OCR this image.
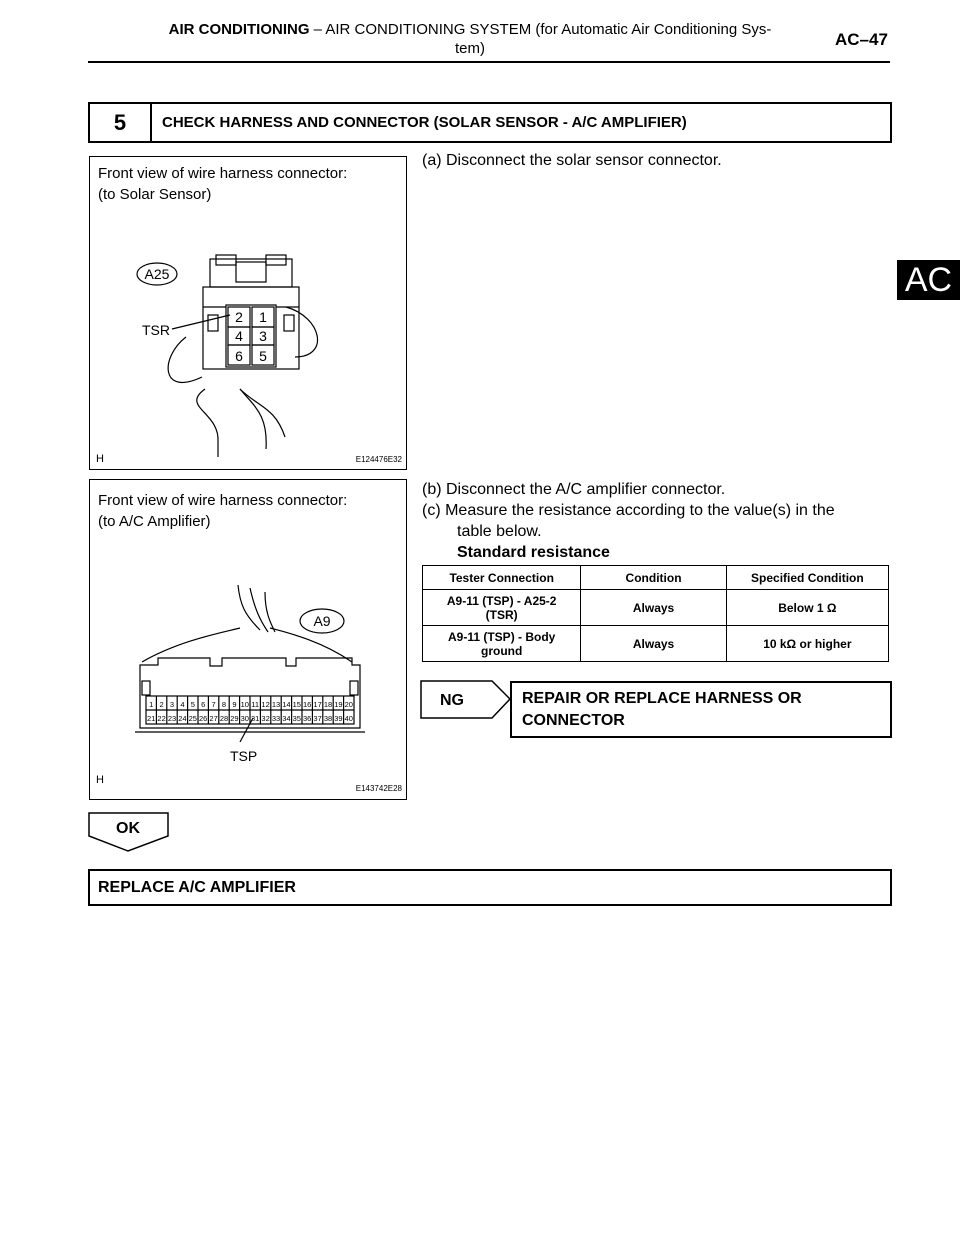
AIR CONDITIONING – AIR CONDITIONING SYSTEM (for Automatic Air Conditioning Sys-
tem)	AC–47
AC
5	CHECK HARNESS AND CONNECTOR (SOLAR SENSOR - A/C AMPLIFIER)
Front view of wire harness connector:
(to Solar Sensor)
A25
TSR
2 1
4 3
6 5
H	E124476E32
Front view of wire harness connector:
(to A/C Amplifier)
A9
TSP
1 2 3 4 5 6 7 8 9 10 11 12 13 14 15 16 17 18 19 20
21 22 23 24 25 26 27 28 29 30 31 32 33 34 35 36 37 38 39 40
H
E143742E28
(a) Disconnect the solar sensor connector.
(b) Disconnect the A/C amplifier connector.
(c) Measure the resistance according to the value(s) in the
table below.
Standard resistance
Tester Connection	Condition	Specified Condition

A9-11 (TSP) - A25-2
(TSR)	Always	Below 1 Ω

A9-11 (TSP) - Body
ground	Always	10 kΩ or higher
NG	REPAIR OR REPLACE HARNESS OR
CONNECTOR
OK
REPLACE A/C AMPLIFIER
